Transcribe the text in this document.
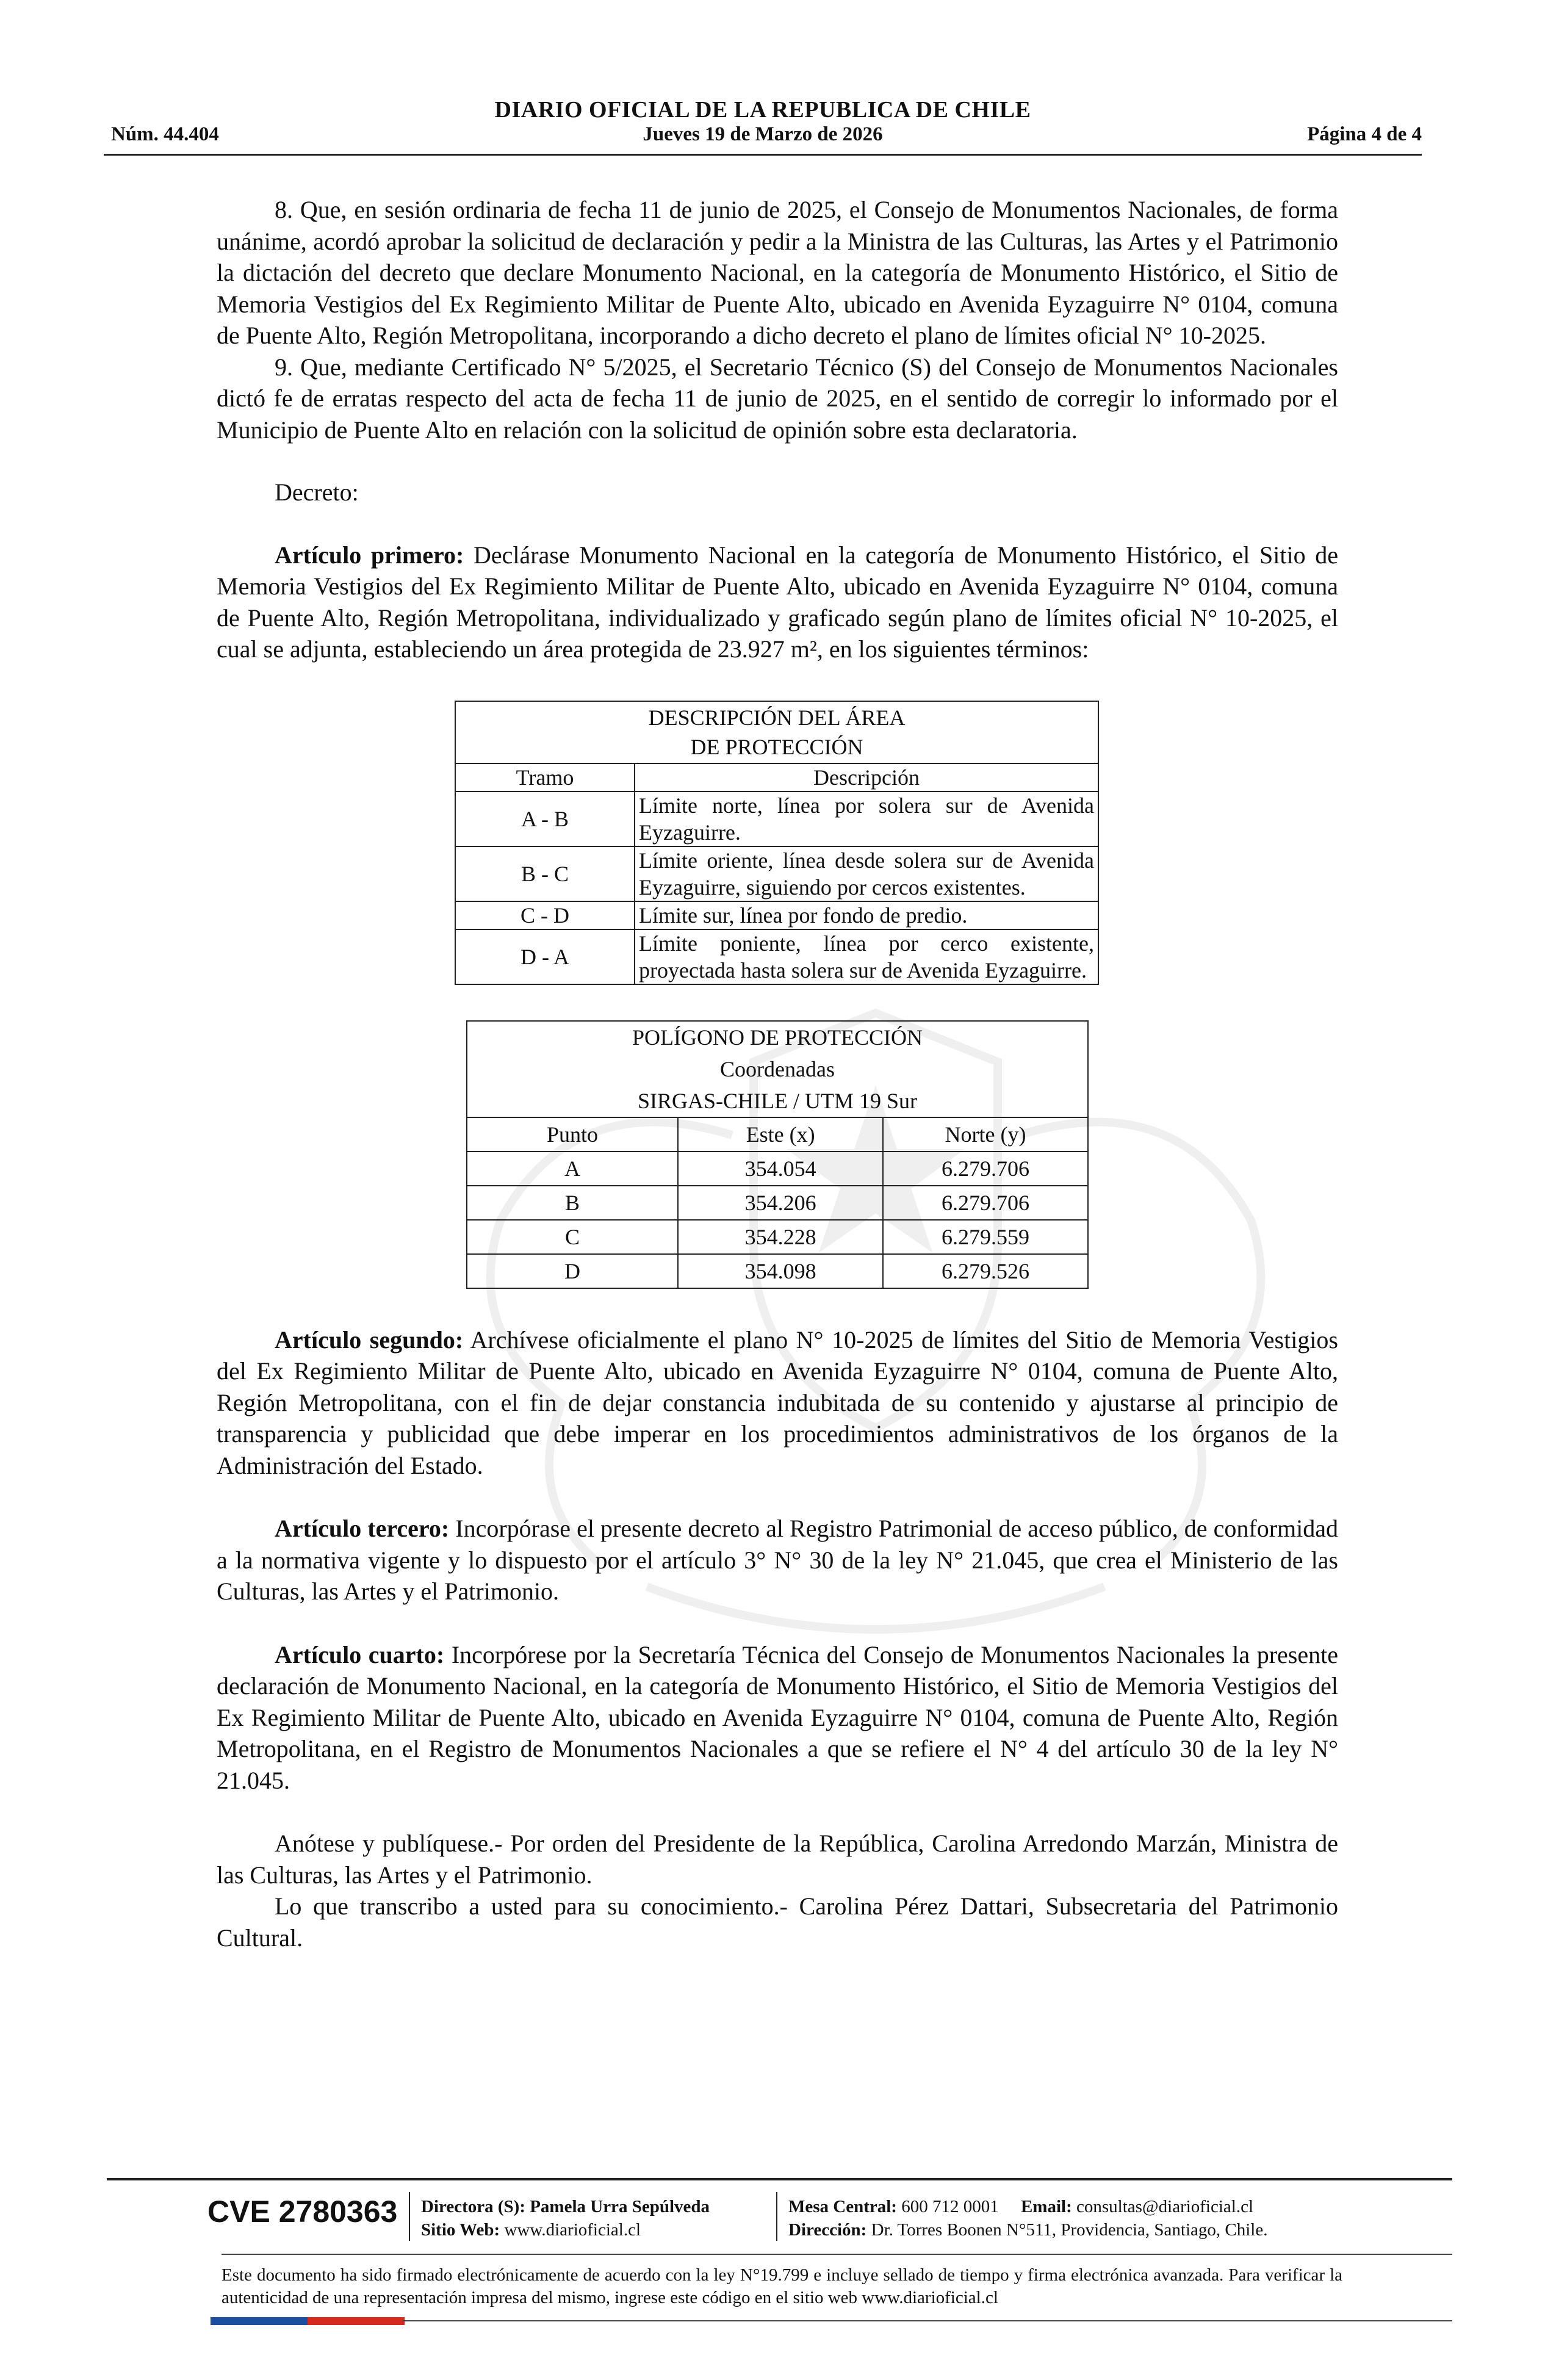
DIARIO OFICIAL DE LA REPUBLICA DE CHILE
Núm. 44.404	Jueves 19 de Marzo de 2026	Página 4 de 4

8. Que, en sesión ordinaria de fecha 11 de junio de 2025, el Consejo de Monumentos Nacionales, de forma unánime, acordó aprobar la solicitud de declaración y pedir a la Ministra de las Culturas, las Artes y el Patrimonio la dictación del decreto que declare Monumento Nacional, en la categoría de Monumento Histórico, el Sitio de Memoria Vestigios del Ex Regimiento Militar de Puente Alto, ubicado en Avenida Eyzaguirre N° 0104, comuna de Puente Alto, Región Metropolitana, incorporando a dicho decreto el plano de límites oficial N° 10-2025.

9. Que, mediante Certificado N° 5/2025, el Secretario Técnico (S) del Consejo de Monumentos Nacionales dictó fe de erratas respecto del acta de fecha 11 de junio de 2025, en el sentido de corregir lo informado por el Municipio de Puente Alto en relación con la solicitud de opinión sobre esta declaratoria.

Decreto:

Artículo primero: Declárase Monumento Nacional en la categoría de Monumento Histórico, el Sitio de Memoria Vestigios del Ex Regimiento Militar de Puente Alto, ubicado en Avenida Eyzaguirre N° 0104, comuna de Puente Alto, Región Metropolitana, individualizado y graficado según plano de límites oficial N° 10-2025, el cual se adjunta, estableciendo un área protegida de 23.927 m², en los siguientes términos:

DESCRIPCIÓN DEL ÁREA
DE PROTECCIÓN	

Tramo	Descripción
A - B	Límite norte, línea por solera sur de Avenida Eyzaguirre.
B - C	Límite oriente, línea desde solera sur de Avenida Eyzaguirre, siguiendo por cercos existentes.
C - D	Límite sur, línea por fondo de predio.
D - A	Límite poniente, línea por cerco existente, proyectada hasta solera sur de Avenida Eyzaguirre.
POLÍGONO DE PROTECCIÓN
Coordenadas
SIRGAS-CHILE / UTM 19 Sur		

Punto	Este (x)	Norte (y)
A	354.054	6.279.706
B	354.206	6.279.706
C	354.228	6.279.559
D	354.098	6.279.526

Artículo segundo: Archívese oficialmente el plano N° 10-2025 de límites del Sitio de Memoria Vestigios del Ex Regimiento Militar de Puente Alto, ubicado en Avenida Eyzaguirre N° 0104, comuna de Puente Alto, Región Metropolitana, con el fin de dejar constancia indubitada de su contenido y ajustarse al principio de transparencia y publicidad que debe imperar en los procedimientos administrativos de los órganos de la Administración del Estado.

Artículo tercero: Incorpórase el presente decreto al Registro Patrimonial de acceso público, de conformidad a la normativa vigente y lo dispuesto por el artículo 3° N° 30 de la ley N° 21.045, que crea el Ministerio de las Culturas, las Artes y el Patrimonio.

Artículo cuarto: Incorpórese por la Secretaría Técnica del Consejo de Monumentos Nacionales la presente declaración de Monumento Nacional, en la categoría de Monumento Histórico, el Sitio de Memoria Vestigios del Ex Regimiento Militar de Puente Alto, ubicado en Avenida Eyzaguirre N° 0104, comuna de Puente Alto, Región Metropolitana, en el Registro de Monumentos Nacionales a que se refiere el N° 4 del artículo 30 de la ley N° 21.045.

Anótese y publíquese.- Por orden del Presidente de la República, Carolina Arredondo Marzán, Ministra de las Culturas, las Artes y el Patrimonio.

Lo que transcribo a usted para su conocimiento.- Carolina Pérez Dattari, Subsecretaria del Patrimonio Cultural.

CVE 2780363 Directora (S): Pamela Urra Sepúlveda
Sitio Web: www.diarioficial.cl
Mesa Central: 600 712 0001 Email: consultas@diarioficial.cl
Dirección: Dr. Torres Boonen N°511, Providencia, Santiago, Chile.
Este documento ha sido firmado electrónicamente de acuerdo con la ley N°19.799 e incluye sellado de tiempo y firma electrónica avanzada. Para verificar la autenticidad de una representación impresa del mismo, ingrese este código en el sitio web www.diarioficial.cl
